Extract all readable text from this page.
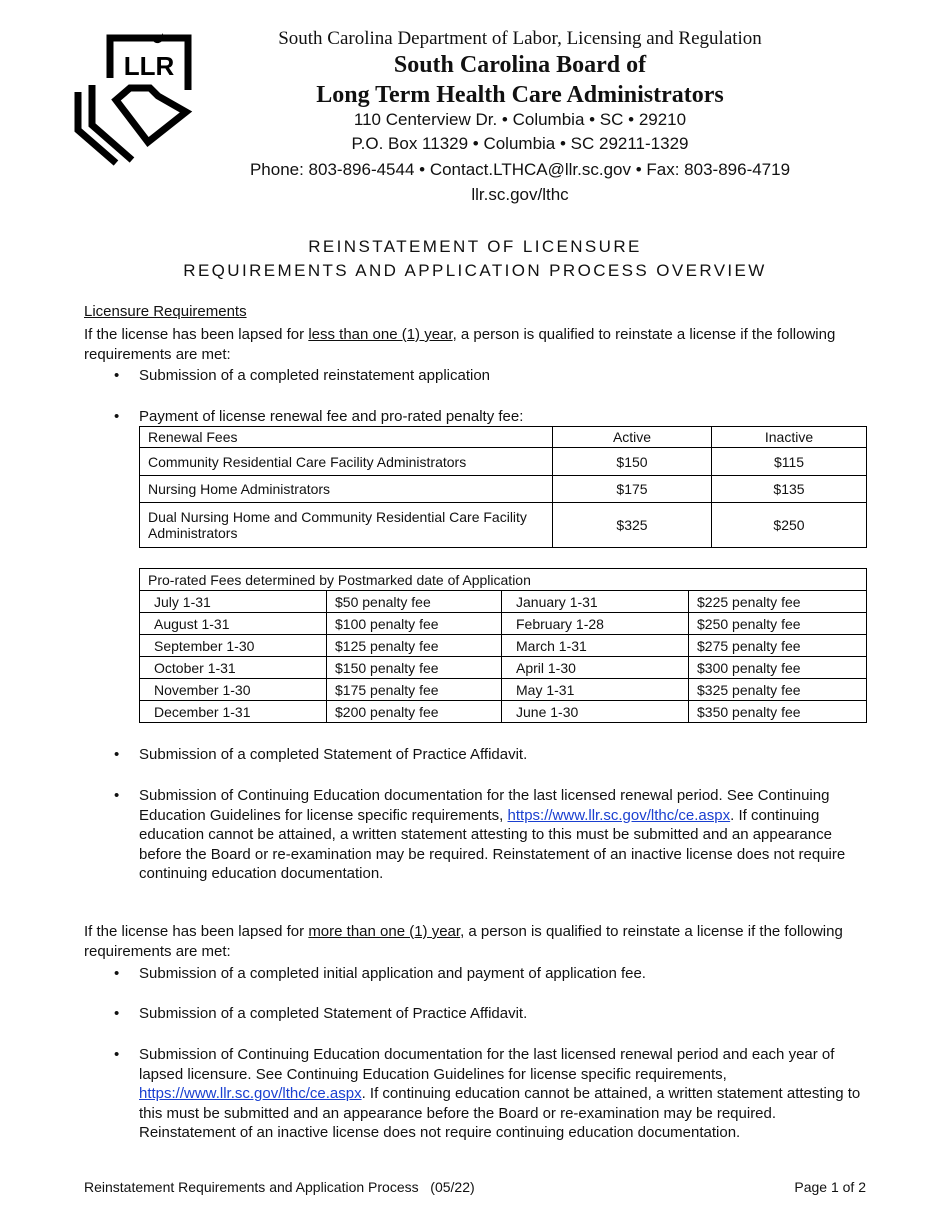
LLR
South Carolina Department of Labor, Licensing and Regulation
South Carolina Board of
Long Term Health Care Administrators
110 Centerview Dr. • Columbia • SC • 29210
P.O. Box 11329 • Columbia • SC 29211-1329
Phone: 803-896-4544 • Contact.LTHCA@llr.sc.gov • Fax: 803-896-4719
llr.sc.gov/lthc
REINSTATEMENT OF LICENSURE
REQUIREMENTS AND APPLICATION PROCESS OVERVIEW
Licensure Requirements
If the license has been lapsed for less than one (1) year, a person is qualified to reinstate a license if the following requirements are met:
• Submission of a completed reinstatement application
• Payment of license renewal fee and pro-rated penalty fee:
Renewal Fees	Active	Inactive
Community Residential Care Facility Administrators	$150	$115
Nursing Home Administrators	$175	$135
Dual Nursing Home and Community Residential Care Facility Administrators	$325	$250
Pro-rated Fees determined by Postmarked date of Application			
July 1-31	$50 penalty fee	January 1-31	$225 penalty fee
August 1-31	$100 penalty fee	February 1-28	$250 penalty fee
September 1-30	$125 penalty fee	March 1-31	$275 penalty fee
October 1-31	$150 penalty fee	April 1-30	$300 penalty fee
November 1-30	$175 penalty fee	May 1-31	$325 penalty fee
December 1-31	$200 penalty fee	June 1-30	$350 penalty fee
• Submission of a completed Statement of Practice Affidavit.
• Submission of Continuing Education documentation for the last licensed renewal period. See Continuing Education Guidelines for license specific requirements, https://www.llr.sc.gov/lthc/ce.aspx. If continuing education cannot be attained, a written statement attesting to this must be submitted and an appearance before the Board or re-examination may be required. Reinstatement of an inactive license does not require continuing education documentation.
If the license has been lapsed for more than one (1) year, a person is qualified to reinstate a license if the following requirements are met:
• Submission of a completed initial application and payment of application fee.
• Submission of a completed Statement of Practice Affidavit.
• Submission of Continuing Education documentation for the last licensed renewal period and each year of lapsed licensure. See Continuing Education Guidelines for license specific requirements, https://www.llr.sc.gov/lthc/ce.aspx. If continuing education cannot be attained, a written statement attesting to this must be submitted and an appearance before the Board or re-examination may be required. Reinstatement of an inactive license does not require continuing education documentation.
Reinstatement Requirements and Application Process   (05/22)	Page 1 of 2
